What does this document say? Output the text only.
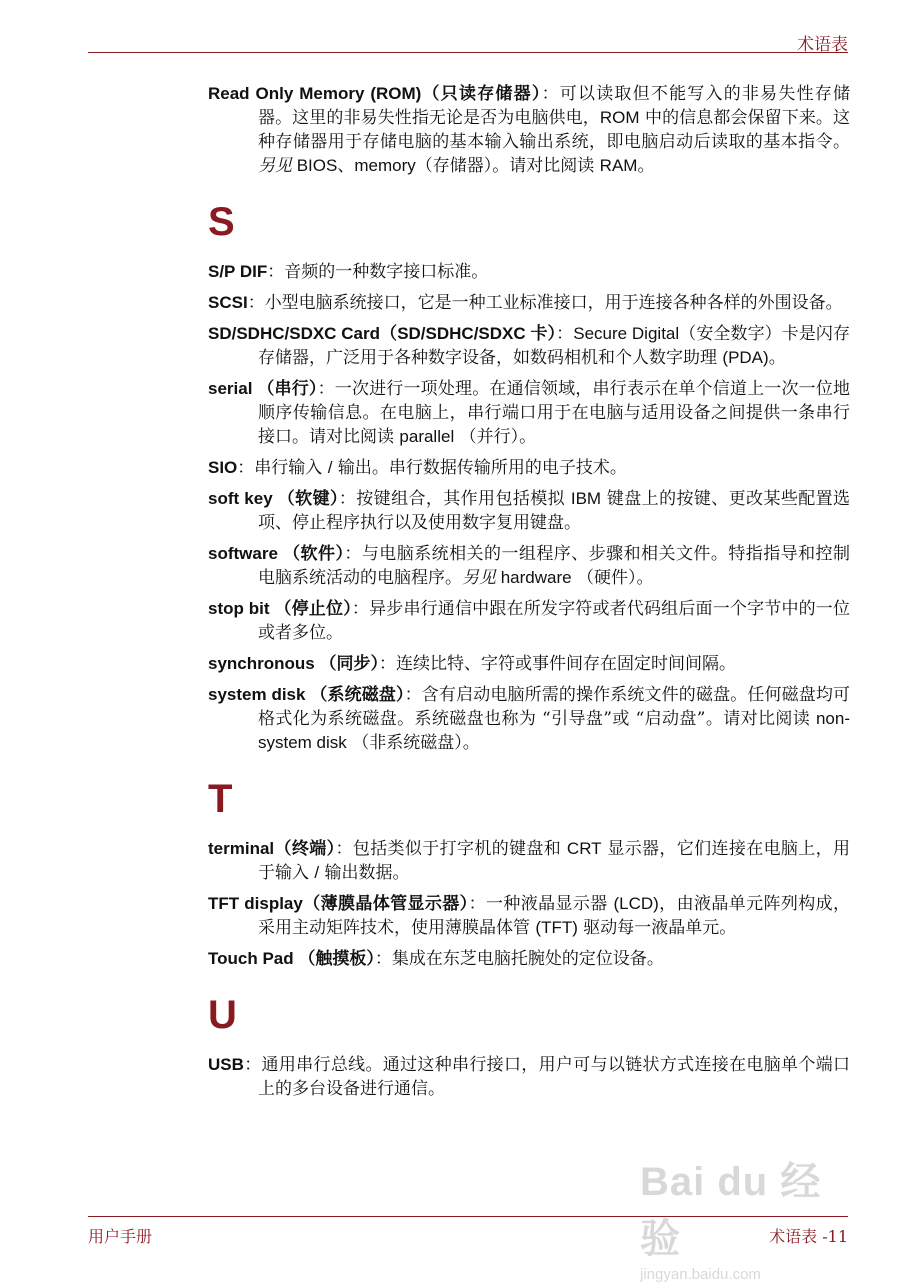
术语表
Read Only Memory (ROM)（只读存储器）：可以读取但不能写入的非易失性存储器。这里的非易失性指无论是否为电脑供电，ROM 中的信息都会保留下来。这种存储器用于存储电脑的基本输入输出系统，即电脑启动后读取的基本指令。另见 BIOS、memory（存储器）。请对比阅读 RAM。
S
S/P DIF：音频的一种数字接口标准。
SCSI：小型电脑系统接口，它是一种工业标准接口，用于连接各种各样的外围设备。
SD/SDHC/SDXC Card（SD/SDHC/SDXC 卡）：Secure Digital（安全数字）卡是闪存存储器，广泛用于各种数字设备，如数码相机和个人数字助理 (PDA)。
serial （串行）：一次进行一项处理。在通信领域，串行表示在单个信道上一次一位地顺序传输信息。在电脑上，串行端口用于在电脑与适用设备之间提供一条串行接口。请对比阅读 parallel （并行）。
SIO：串行输入 / 输出。串行数据传输所用的电子技术。
soft key （软键）：按键组合，其作用包括模拟 IBM 键盘上的按键、更改某些配置选项、停止程序执行以及使用数字复用键盘。
software （软件）：与电脑系统相关的一组程序、步骤和相关文件。特指指导和控制电脑系统活动的电脑程序。另见 hardware （硬件）。
stop bit （停止位）：异步串行通信中跟在所发字符或者代码组后面一个字节中的一位或者多位。
synchronous （同步）：连续比特、字符或事件间存在固定时间间隔。
system disk （系统磁盘）：含有启动电脑所需的操作系统文件的磁盘。任何磁盘均可格式化为系统磁盘。系统磁盘也称为 “引导盘”或 “启动盘”。请对比阅读 non-system disk （非系统磁盘）。
T
terminal（终端）：包括类似于打字机的键盘和 CRT 显示器，它们连接在电脑上，用于输入 / 输出数据。
TFT display（薄膜晶体管显示器）：一种液晶显示器 (LCD)，由液晶单元阵列构成，采用主动矩阵技术，使用薄膜晶体管 (TFT) 驱动每一液晶单元。
Touch Pad （触摸板）：集成在东芝电脑托腕处的定位设备。
U
USB：通用串行总线。通过这种串行接口，用户可与以链状方式连接在电脑单个端口上的多台设备进行通信。
用户手册	术语表 -11
Bai du 经验
jingyan.baidu.com
